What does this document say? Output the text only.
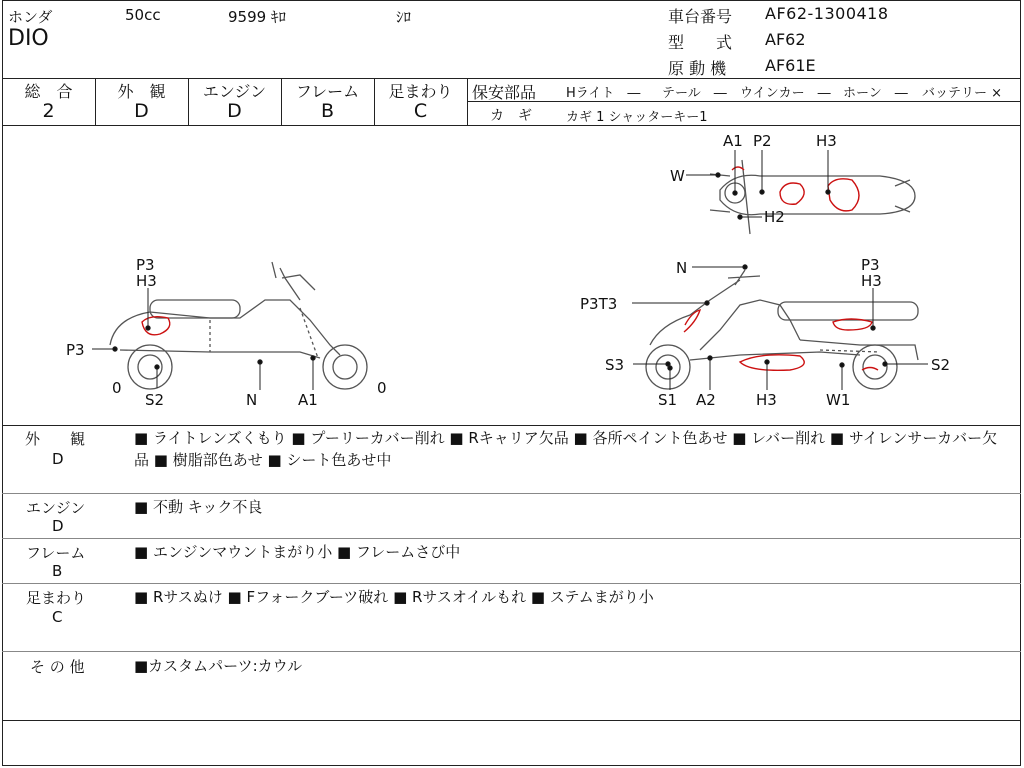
ホンダ	50cc	9599 ｷﾛ	ｼﾛ
DIO
車台番号 AF62-1300418
型　　式 AF62
原 動 機 AF61E
総　合	外　観	エンジン	フレーム	足まわり
2	D	D	B	C
保安部品 Hライト　― テール　― ウインカー　― ホーン　― バッテリー ×
カ　ギ	カギ 1 シャッターキー1
A1 P2	H3
W
H2
P3
H3
P3
0
S2	N	A1
0
N	P3
H3
P3T3
S3
S1 A2	H3	W1
S2
外　　観
D
■ ライトレンズくもり ■ プーリーカバー削れ ■ Rキャリア欠品 ■ 各所ペイント色あせ ■ レバー削れ ■ サイレンサーカバー欠品 ■ 樹脂部色あせ ■ シート色あせ中
エンジン
D
■ 不動 キック不良
フレーム
B
■ エンジンマウントまがり小 ■ フレームさび中
足まわり
C
■ Rサスぬけ ■ Fフォークブーツ破れ ■ Rサスオイルもれ ■ ステムまがり小
そ の 他	■カスタムパーツ:カウル
